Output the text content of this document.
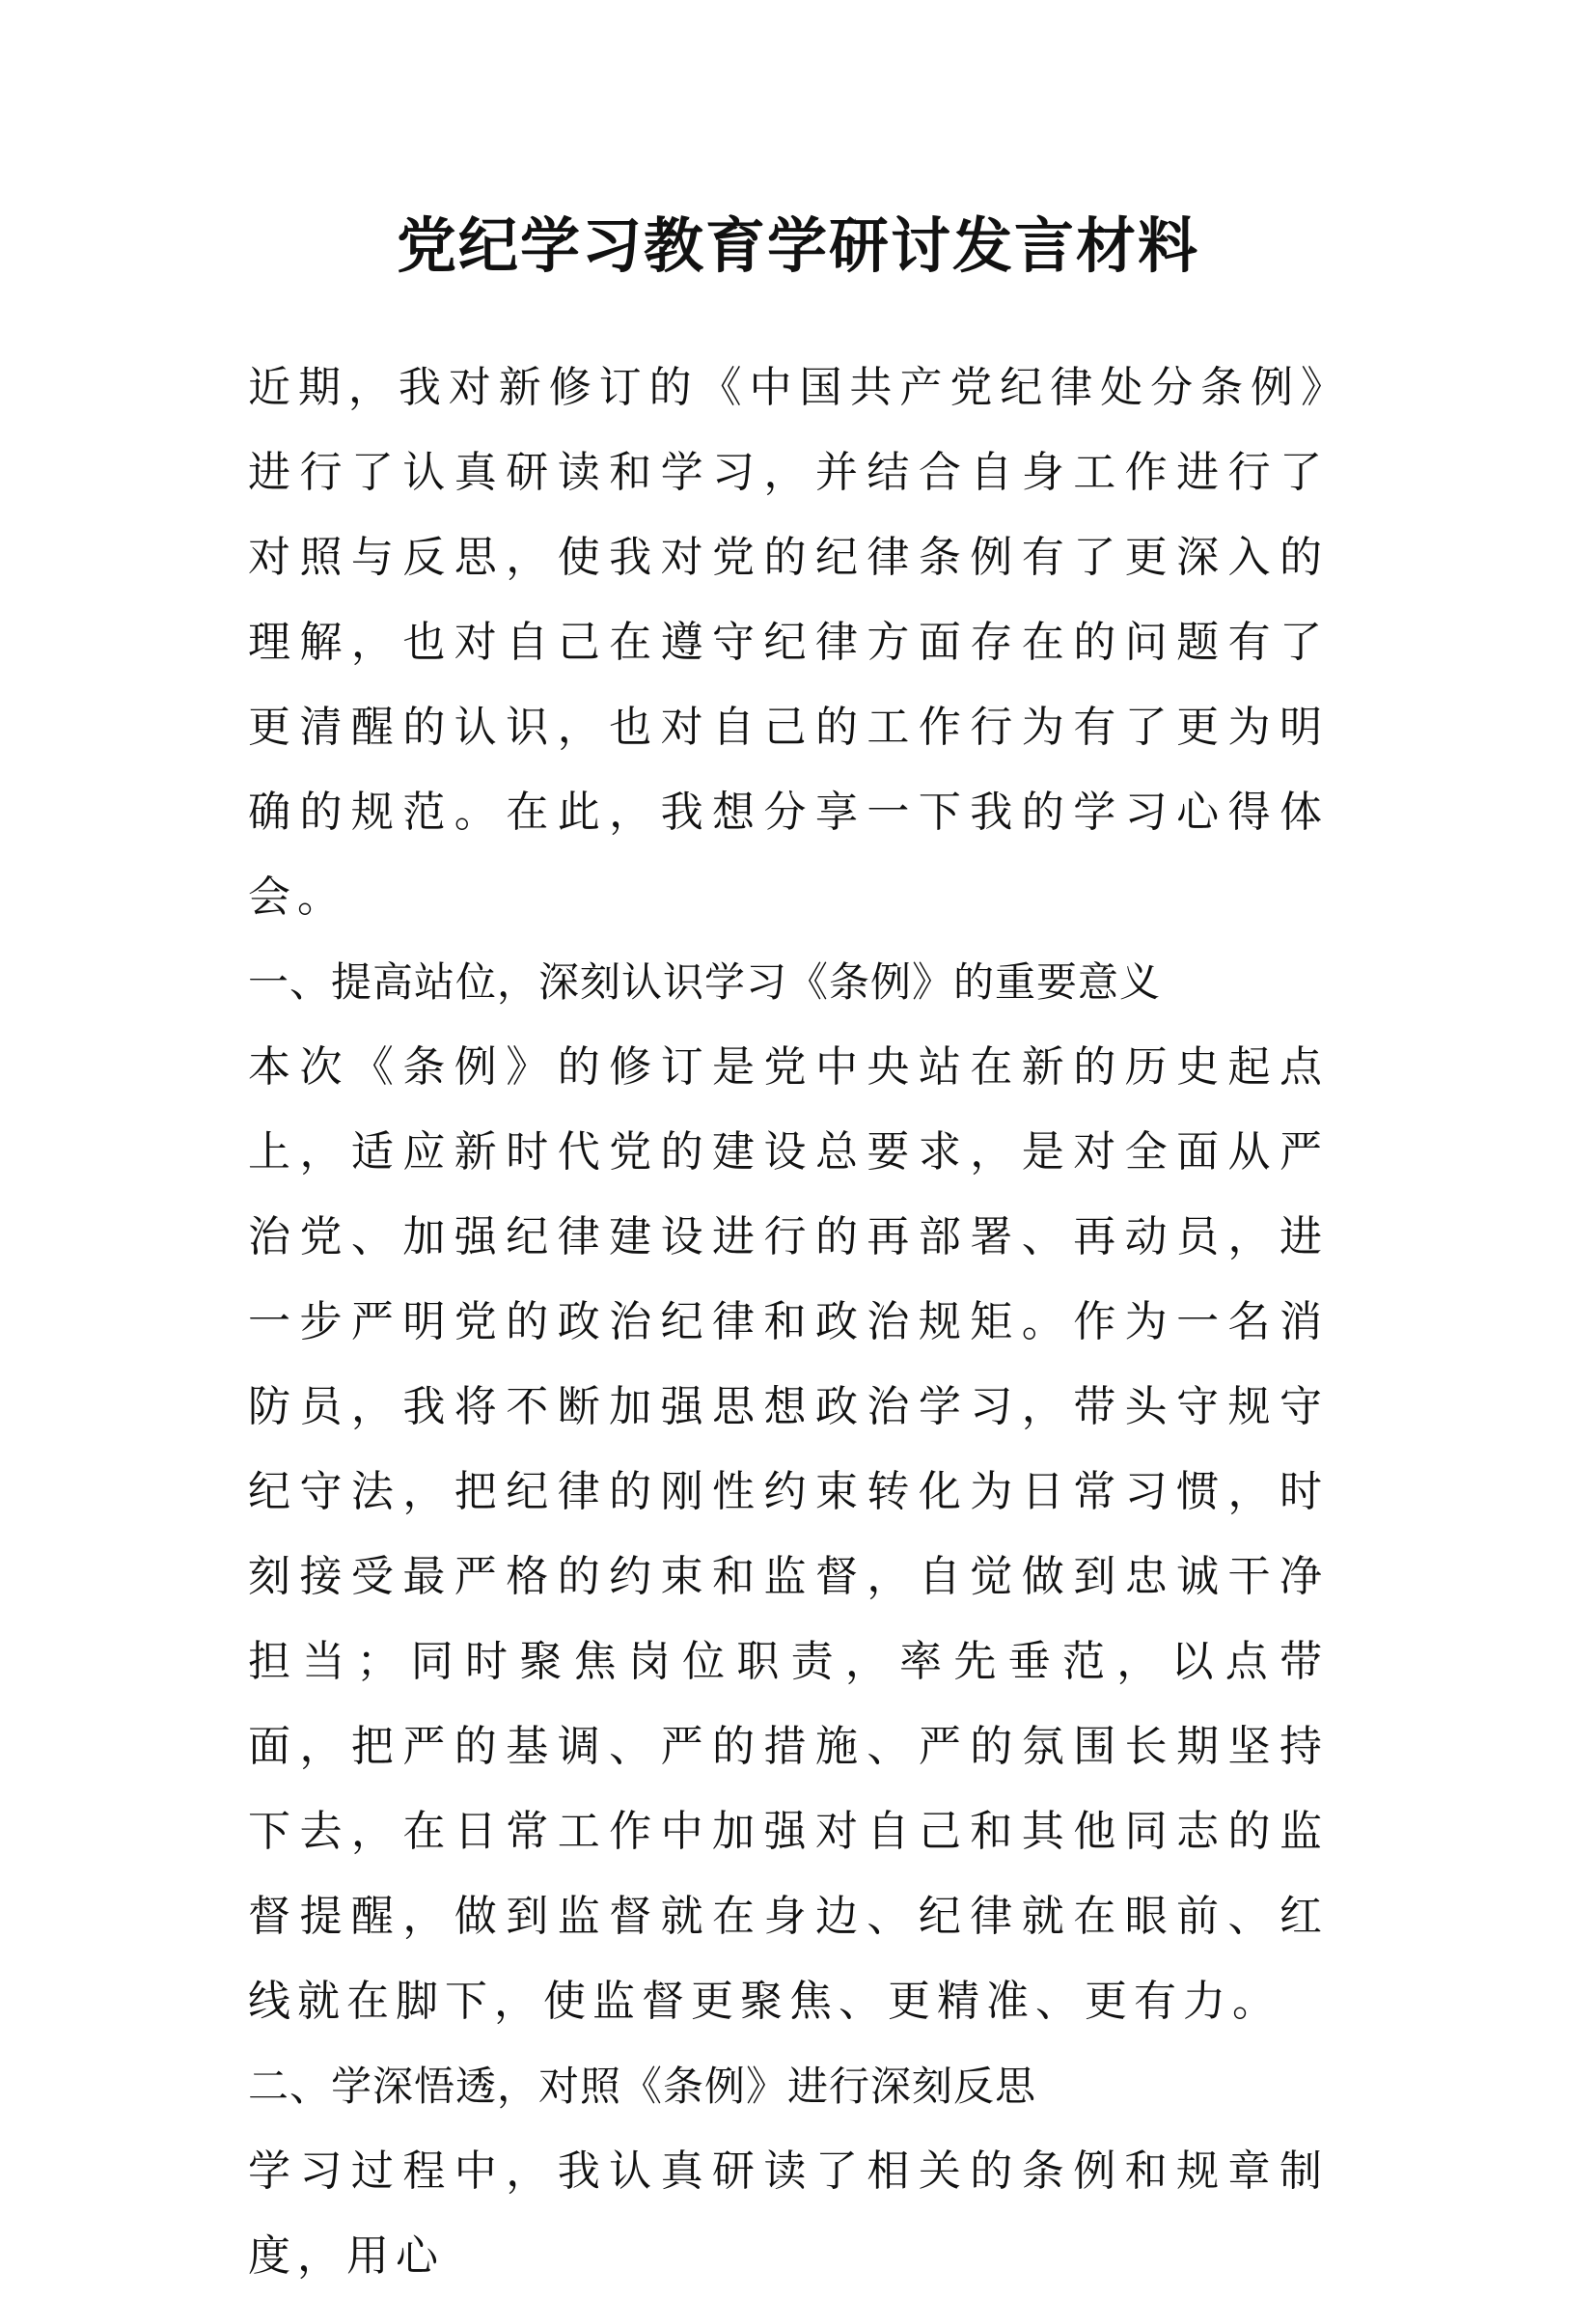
党纪学习教育学研讨发言材料

近期，我对新修订的《中国共产党纪律处分条例》进行了认真研读和学习，并结合自身工作进行了对照与反思，使我对党的纪律条例有了更深入的理解，也对自己在遵守纪律方面存在的问题有了更清醒的认识，也对自己的工作行为有了更为明确的规范。在此，我想分享一下我的学习心得体会。

一、提高站位，深刻认识学习《条例》的重要意义

本次《条例》的修订是党中央站在新的历史起点上，适应新时代党的建设总要求，是对全面从严治党、加强纪律建设进行的再部署、再动员，进一步严明党的政治纪律和政治规矩。作为一名消防员，我将不断加强思想政治学习，带头守规守纪守法，把纪律的刚性约束转化为日常习惯，时刻接受最严格的约束和监督，自觉做到忠诚干净担当；同时聚焦岗位职责，率先垂范，以点带面，把严的基调、严的措施、严的氛围长期坚持下去，在日常工作中加强对自己和其他同志的监督提醒，做到监督就在身边、纪律就在眼前、红线就在脚下，使监督更聚焦、更精准、更有力。

二、学深悟透，对照《条例》进行深刻反思

学习过程中，我认真研读了相关的条例和规章制度，用心
